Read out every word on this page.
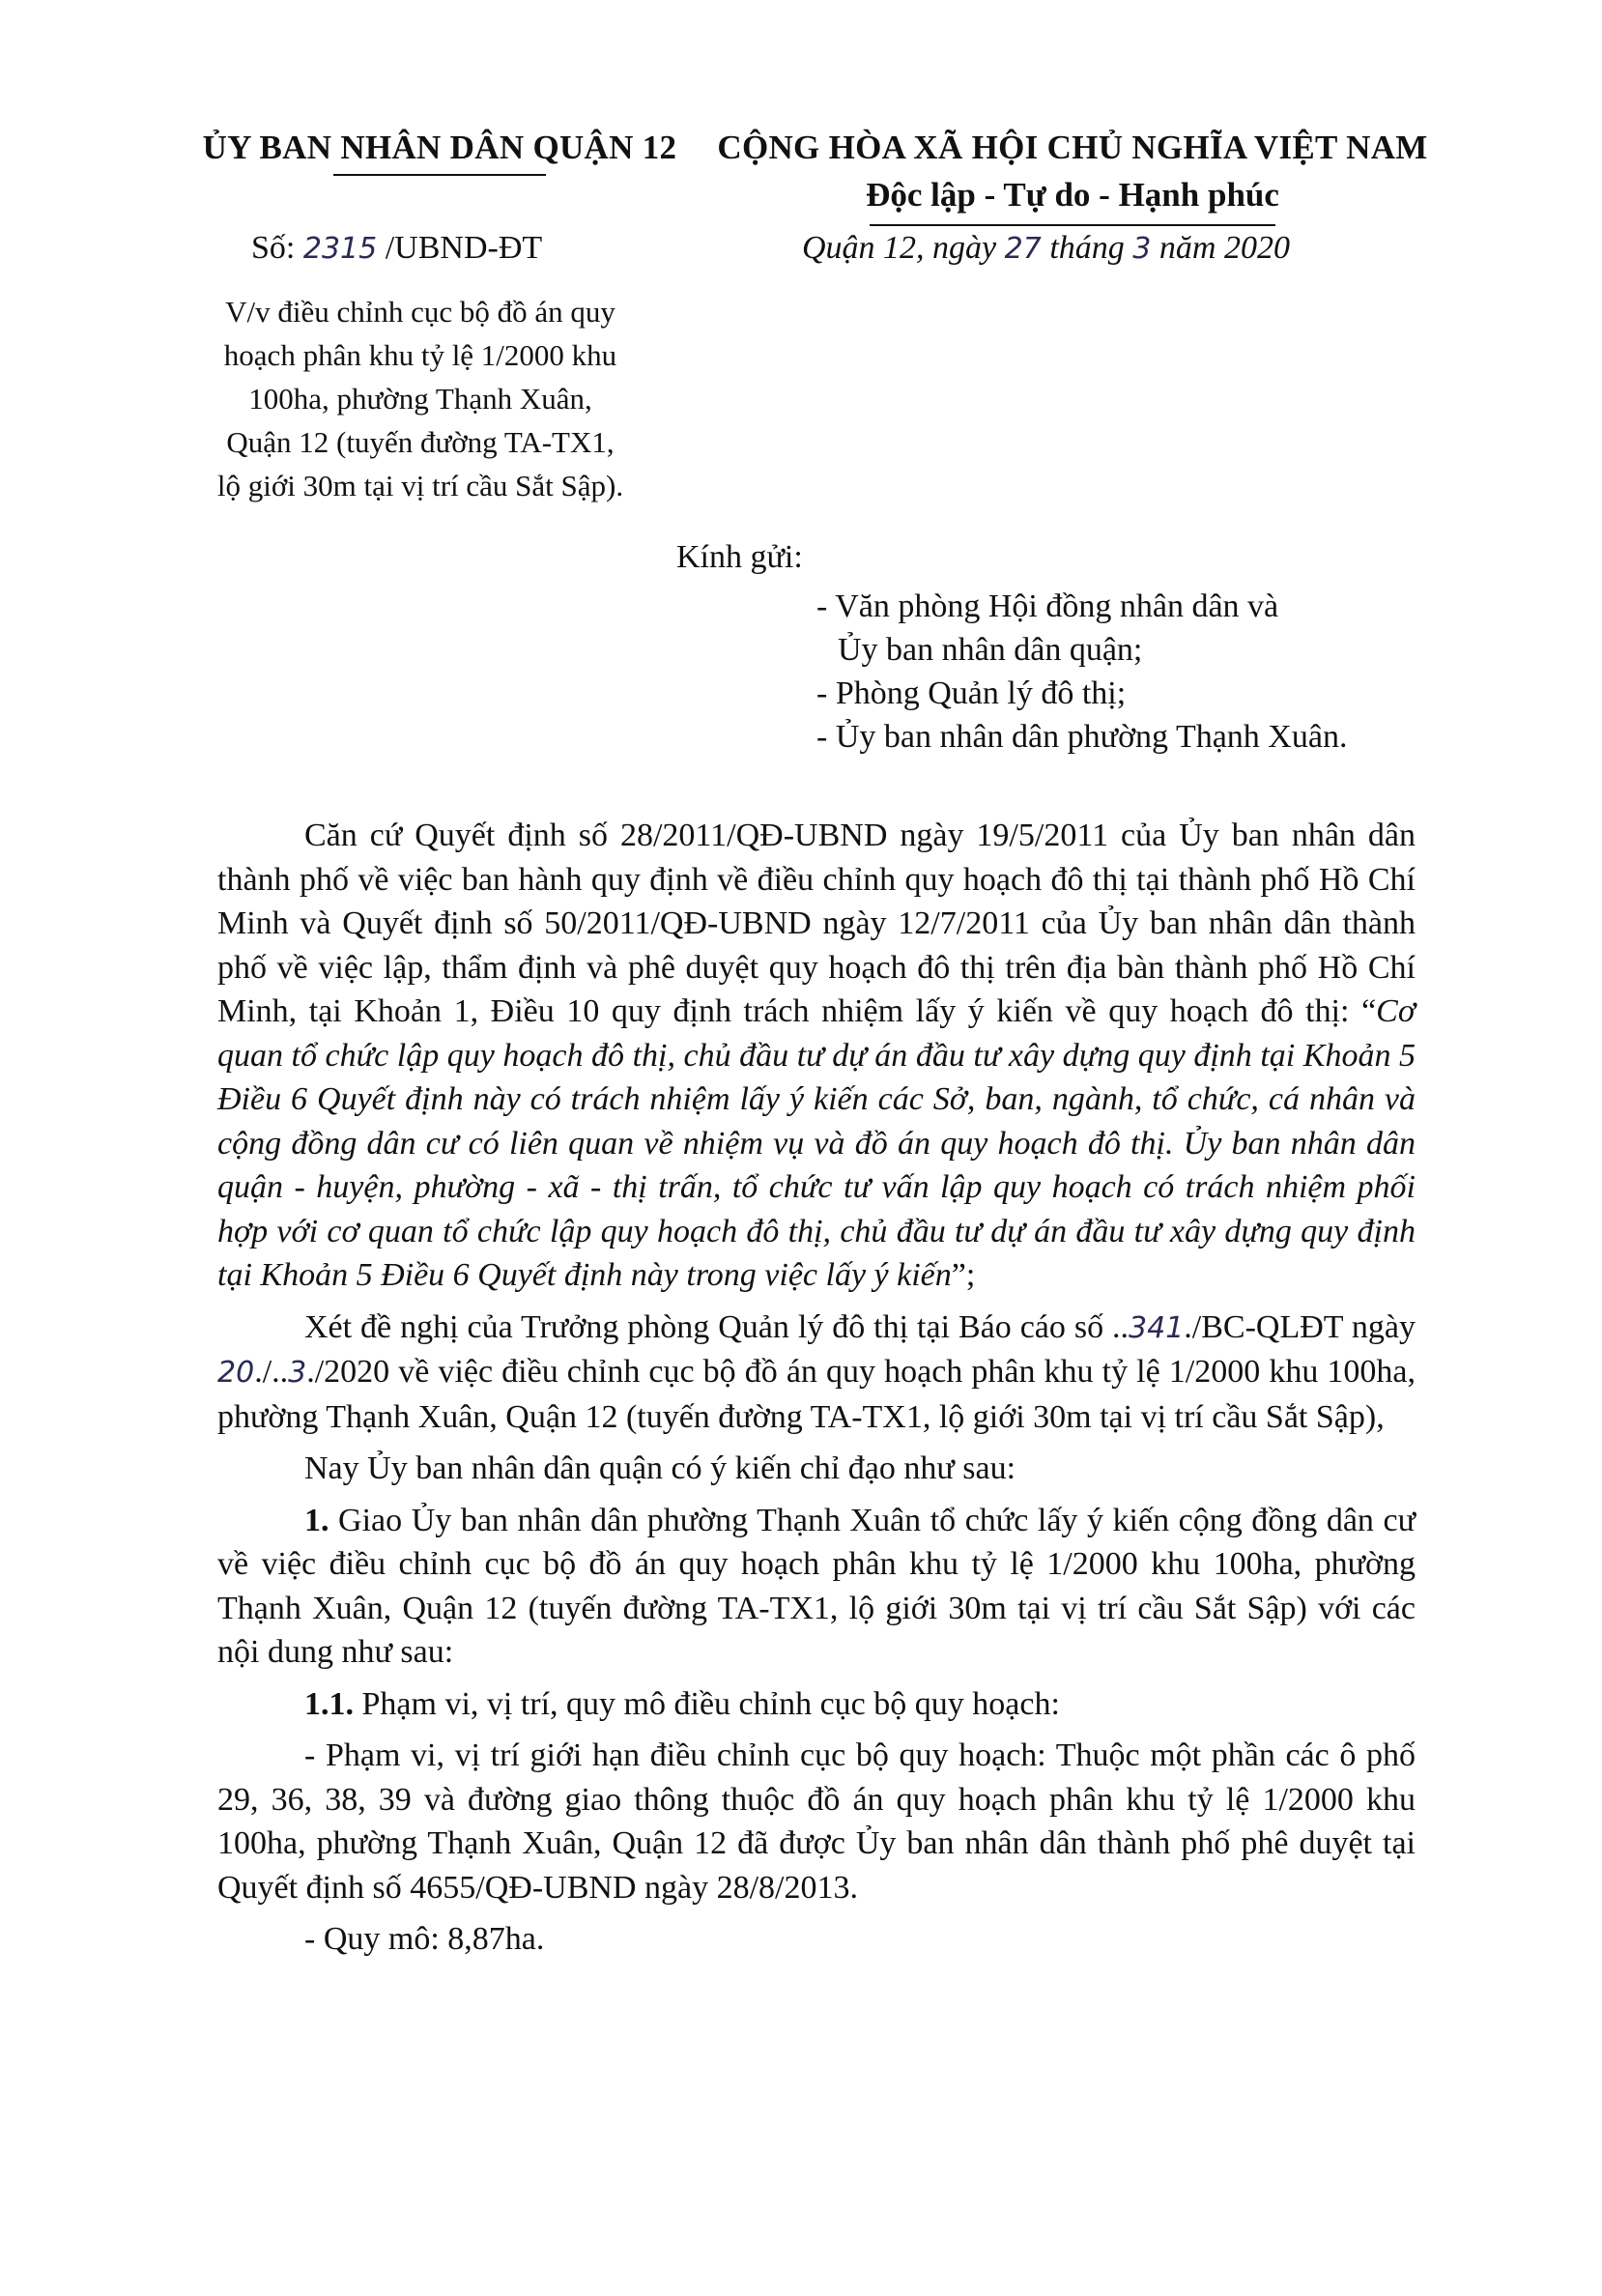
ỦY BAN NHÂN DÂN QUẬN 12	CỘNG HÒA XÃ HỘI CHỦ NGHĨA VIỆT NAM
Độc lập - Tự do - Hạnh phúc
Số: 2315 /UBND-ĐT	Quận 12, ngày 27 tháng 3 năm 2020
V/v điều chỉnh cục bộ đồ án quy
hoạch phân khu tỷ lệ 1/2000 khu
100ha, phường Thạnh Xuân,
Quận 12 (tuyến đường TA-TX1,
lộ giới 30m tại vị trí cầu Sắt Sập).
Kính gửi:
- Văn phòng Hội đồng nhân dân và
Ủy ban nhân dân quận;
- Phòng Quản lý đô thị;
- Ủy ban nhân dân phường Thạnh Xuân.

Căn cứ Quyết định số 28/2011/QĐ-UBND ngày 19/5/2011 của Ủy ban nhân dân thành phố về việc ban hành quy định về điều chỉnh quy hoạch đô thị tại thành phố Hồ Chí Minh và Quyết định số 50/2011/QĐ-UBND ngày 12/7/2011 của Ủy ban nhân dân thành phố về việc lập, thẩm định và phê duyệt quy hoạch đô thị trên địa bàn thành phố Hồ Chí Minh, tại Khoản 1, Điều 10 quy định trách nhiệm lấy ý kiến về quy hoạch đô thị: “Cơ quan tổ chức lập quy hoạch đô thị, chủ đầu tư dự án đầu tư xây dựng quy định tại Khoản 5 Điều 6 Quyết định này có trách nhiệm lấy ý kiến các Sở, ban, ngành, tổ chức, cá nhân và cộng đồng dân cư có liên quan về nhiệm vụ và đồ án quy hoạch đô thị. Ủy ban nhân dân quận - huyện, phường - xã - thị trấn, tổ chức tư vấn lập quy hoạch có trách nhiệm phối hợp với cơ quan tổ chức lập quy hoạch đô thị, chủ đầu tư dự án đầu tư xây dựng quy định tại Khoản 5 Điều 6 Quyết định này trong việc lấy ý kiến”;

Xét đề nghị của Trưởng phòng Quản lý đô thị tại Báo cáo số ..341./BC-QLĐT ngày 20./..3./2020 về việc điều chỉnh cục bộ đồ án quy hoạch phân khu tỷ lệ 1/2000 khu 100ha, phường Thạnh Xuân, Quận 12 (tuyến đường TA-TX1, lộ giới 30m tại vị trí cầu Sắt Sập),

Nay Ủy ban nhân dân quận có ý kiến chỉ đạo như sau:

1. Giao Ủy ban nhân dân phường Thạnh Xuân tổ chức lấy ý kiến cộng đồng dân cư về việc điều chỉnh cục bộ đồ án quy hoạch phân khu tỷ lệ 1/2000 khu 100ha, phường Thạnh Xuân, Quận 12 (tuyến đường TA-TX1, lộ giới 30m tại vị trí cầu Sắt Sập) với các nội dung như sau:

1.1. Phạm vi, vị trí, quy mô điều chỉnh cục bộ quy hoạch:

- Phạm vi, vị trí giới hạn điều chỉnh cục bộ quy hoạch: Thuộc một phần các ô phố 29, 36, 38, 39 và đường giao thông thuộc đồ án quy hoạch phân khu tỷ lệ 1/2000 khu 100ha, phường Thạnh Xuân, Quận 12 đã được Ủy ban nhân dân thành phố phê duyệt tại Quyết định số 4655/QĐ-UBND ngày 28/8/2013.

- Quy mô: 8,87ha.
